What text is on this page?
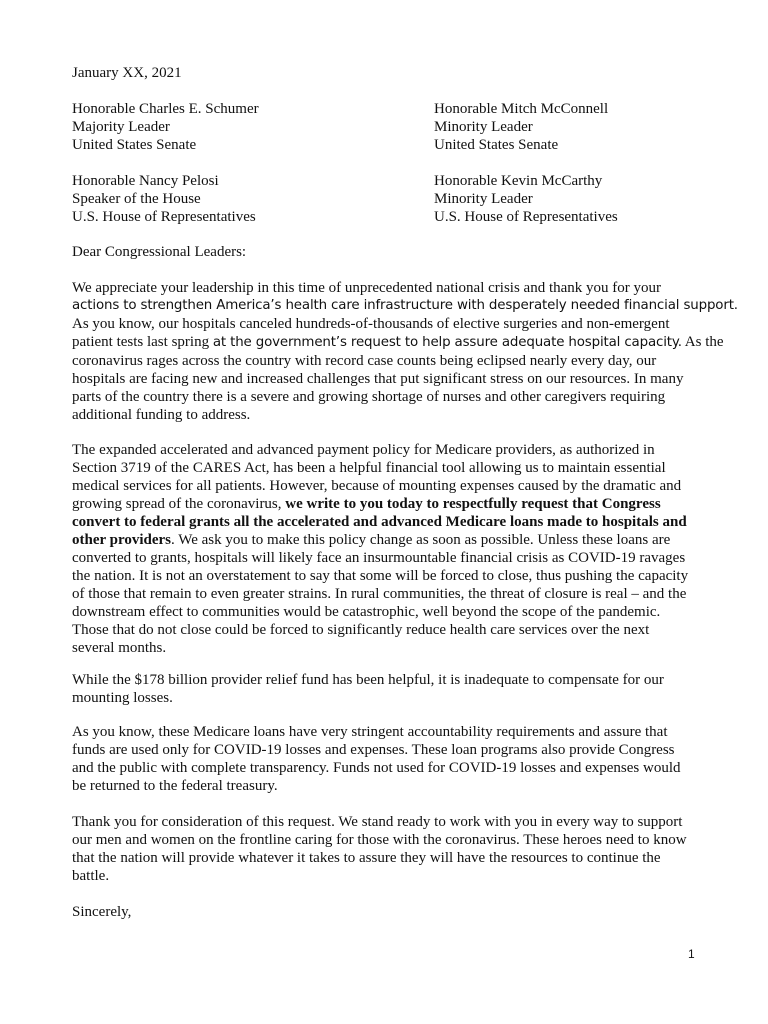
January XX, 2021

Honorable Charles E. Schumer
Majority Leader
United States Senate
Honorable Mitch McConnell
Minority Leader
United States Senate
Honorable Nancy Pelosi
Speaker of the House
U.S. House of Representatives
Honorable Kevin McCarthy
Minority Leader
U.S. House of Representatives

Dear Congressional Leaders:

We appreciate your leadership in this time of unprecedented national crisis and thank you for your
actions to strengthen America’s health care infrastructure with desperately needed financial support.
As you know, our hospitals canceled hundreds-of-thousands of elective surgeries and non-emergent
patient tests last spring at the government’s request to help assure adequate hospital capacity. As the
coronavirus rages across the country with record case counts being eclipsed nearly every day, our
hospitals are facing new and increased challenges that put significant stress on our resources. In many
parts of the country there is a severe and growing shortage of nurses and other caregivers requiring
additional funding to address.
The expanded accelerated and advanced payment policy for Medicare providers, as authorized in
Section 3719 of the CARES Act, has been a helpful financial tool allowing us to maintain essential
medical services for all patients. However, because of mounting expenses caused by the dramatic and
growing spread of the coronavirus, we write to you today to respectfully request that Congress
convert to federal grants all the accelerated and advanced Medicare loans made to hospitals and
other providers. We ask you to make this policy change as soon as possible. Unless these loans are
converted to grants, hospitals will likely face an insurmountable financial crisis as COVID-19 ravages
the nation. It is not an overstatement to say that some will be forced to close, thus pushing the capacity
of those that remain to even greater strains. In rural communities, the threat of closure is real – and the
downstream effect to communities would be catastrophic, well beyond the scope of the pandemic.
Those that do not close could be forced to significantly reduce health care services over the next
several months.
While the $178 billion provider relief fund has been helpful, it is inadequate to compensate for our
mounting losses.
As you know, these Medicare loans have very stringent accountability requirements and assure that
funds are used only for COVID-19 losses and expenses. These loan programs also provide Congress
and the public with complete transparency. Funds not used for COVID-19 losses and expenses would
be returned to the federal treasury.
Thank you for consideration of this request. We stand ready to work with you in every way to support
our men and women on the frontline caring for those with the coronavirus. These heroes need to know
that the nation will provide whatever it takes to assure they will have the resources to continue the
battle.

Sincerely,

1
